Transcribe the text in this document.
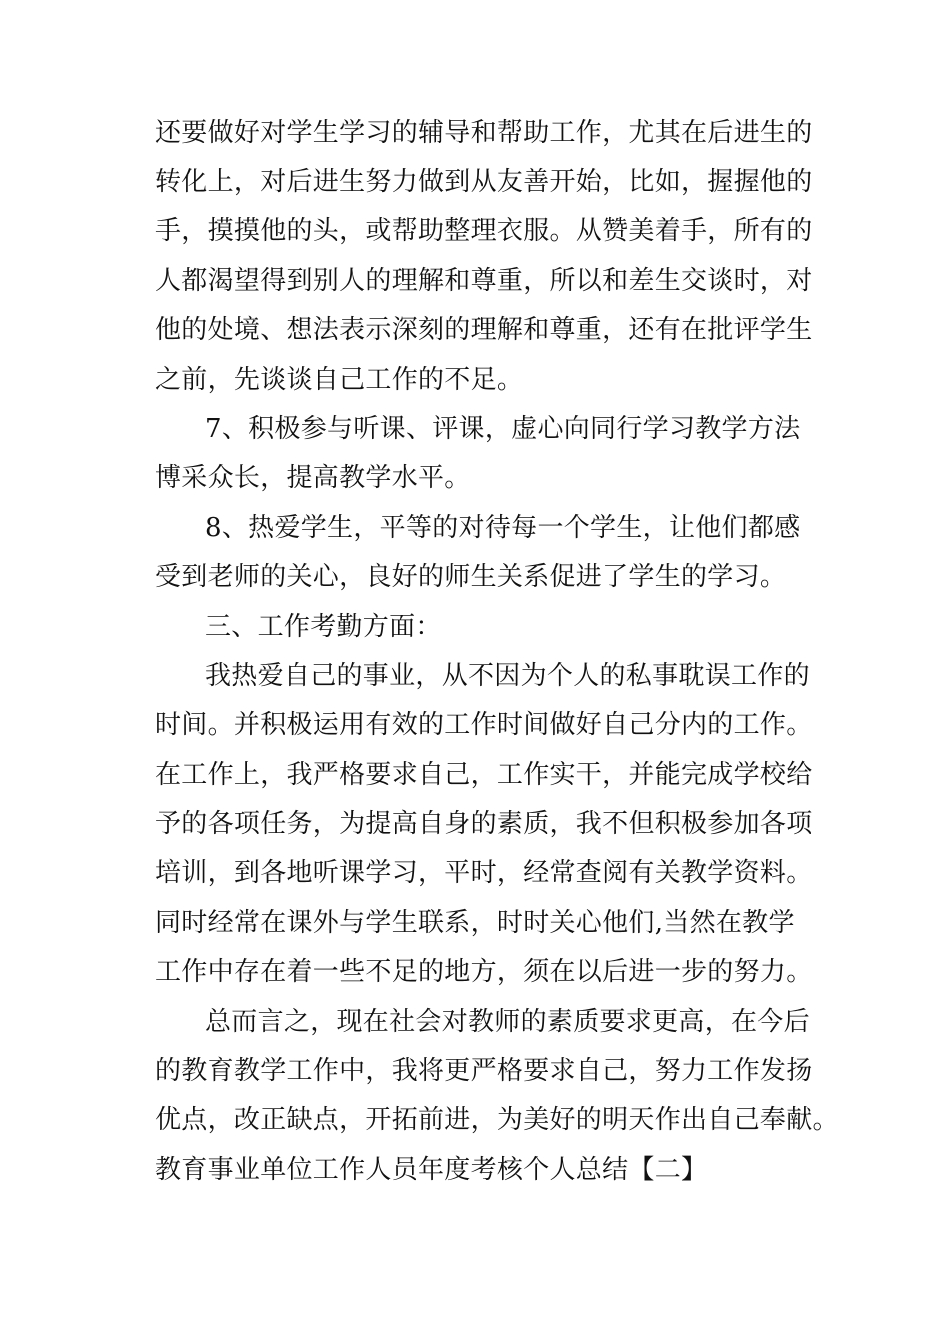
还要做好对学生学习的辅导和帮助工作，尤其在后进生的
转化上，对后进生努力做到从友善开始，比如，握握他的
手，摸摸他的头，或帮助整理衣服。从赞美着手，所有的
人都渴望得到别人的理解和尊重，所以和差生交谈时，对
他的处境、想法表示深刻的理解和尊重，还有在批评学生
之前，先谈谈自己工作的不足。
7、积极参与听课、评课，虚心向同行学习教学方法
博采众长，提高教学水平。
8、热爱学生，平等的对待每一个学生，让他们都感
受到老师的关心，良好的师生关系促进了学生的学习。
三、工作考勤方面：
我热爱自己的事业，从不因为个人的私事耽误工作的
时间。并积极运用有效的工作时间做好自己分内的工作。
在工作上，我严格要求自己，工作实干，并能完成学校给
予的各项任务，为提高自身的素质，我不但积极参加各项
培训，到各地听课学习，平时，经常查阅有关教学资料。
同时经常在课外与学生联系，时时关心他们,当然在教学
工作中存在着一些不足的地方，须在以后进一步的努力。
总而言之，现在社会对教师的素质要求更高，在今后
的教育教学工作中，我将更严格要求自己，努力工作发扬
优点，改正缺点，开拓前进，为美好的明天作出自己奉献。
教育事业单位工作人员年度考核个人总结【二】
